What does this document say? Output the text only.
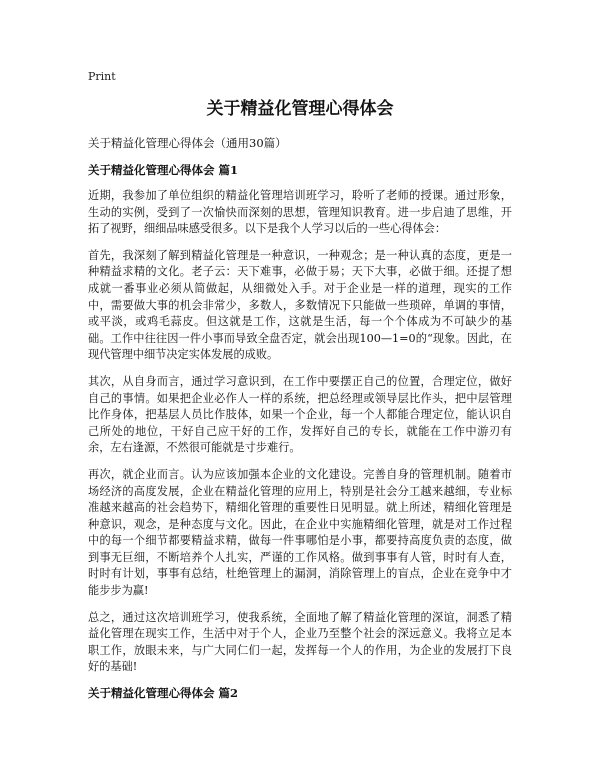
Print
关于精益化管理心得体会
关于精益化管理心得体会（通用30篇）
关于精益化管理心得体会 篇1

近期，我参加了单位组织的精益化管理培训班学习，聆听了老师的授课。通过形象，生动的实例，受到了一次愉快而深刻的思想，管理知识教育。进一步启迪了思维，开拓了视野，细细品味感受很多。以下是我个人学习以后的一些心得体会：

首先，我深刻了解到精益化管理是一种意识，一种观念；是一种认真的态度，更是一种精益求精的文化。老子云：天下难事，必做于易；天下大事，必做于细。还提了想成就一番事业必须从简做起，从细微处入手。对于企业是一样的道理，现实的工作中，需要做大事的机会非常少，多数人，多数情况下只能做一些琐碎，单调的事情，或平淡，或鸡毛蒜皮。但这就是工作，这就是生活，每一个个体成为不可缺少的基础。工作中往往因一件小事而导致全盘否定，就会出现100—1=0的“现象。因此，在现代管理中细节决定实体发展的成败。

其次，从自身而言，通过学习意识到，在工作中要摆正自己的位置，合理定位，做好自己的事情。如果把企业必作人一样的系统，把总经理或领导层比作头，把中层管理比作身体，把基层人员比作肢体，如果一个企业，每一个人都能合理定位，能认识自己所处的地位，干好自己应干好的工作，发挥好自己的专长，就能在工作中游刃有余，左右逢源，不然很可能就是寸步难行。

再次，就企业而言。认为应该加强本企业的文化建设。完善自身的管理机制。随着市场经济的高度发展，企业在精益化管理的应用上，特别是社会分工越来越细，专业标准越来越高的社会趋势下，精细化管理的重要性日见明显。就上所述，精细化管理是种意识，观念，是种态度与文化。因此，在企业中实施精细化管理，就是对工作过程中的每一个细节都要精益求精，做每一件事哪怕是小事，都要持高度负责的态度，做到事无巨细，不断培养个人扎实，严谨的工作风格。做到事事有人管，时时有人查，时时有计划，事事有总结，杜绝管理上的漏洞，消除管理上的盲点，企业在竞争中才能步步为赢!

总之，通过这次培训班学习，使我系统，全面地了解了精益化管理的深谊，洞悉了精益化管理在现实工作，生活中对于个人，企业乃至整个社会的深远意义。我将立足本职工作，放眼未来，与广大同仁们一起，发挥每一个人的作用，为企业的发展打下良好的基础!

关于精益化管理心得体会 篇2
